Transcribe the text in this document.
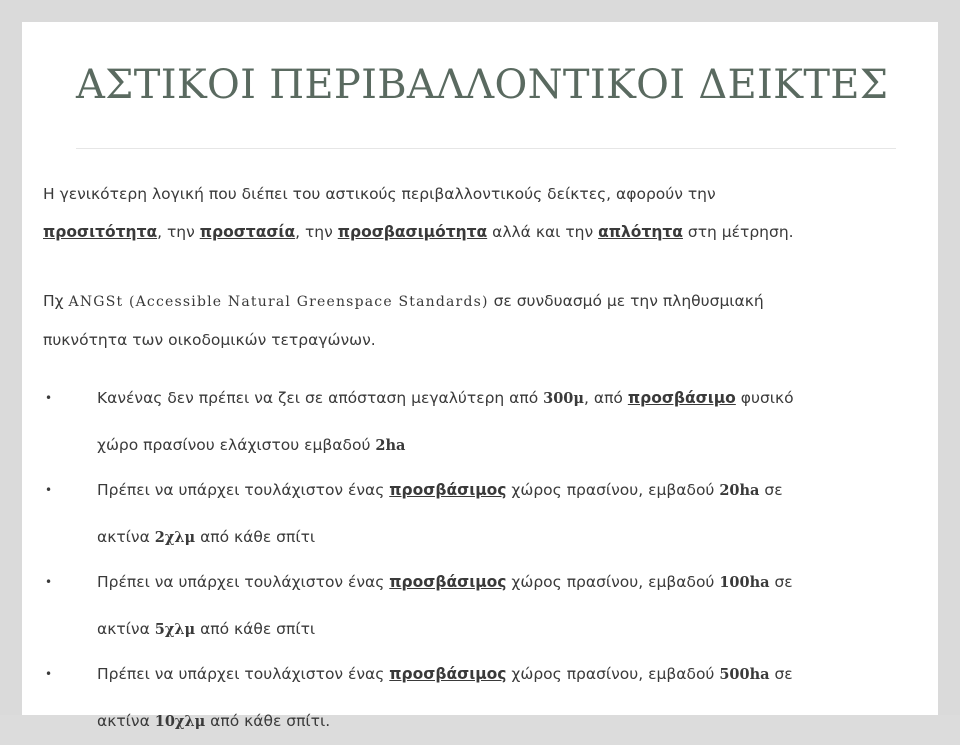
ΑΣΤΙΚΟΙ ΠΕΡΙΒΑΛΛΟΝΤΙΚΟΙ ΔΕΙΚΤΕΣ
Η γενικότερη λογική που διέπει του αστικούς περιβαλλοντικούς δείκτες, αφορούν την
προσιτότητα, την προστασία, την προσβασιμότητα αλλά και την απλότητα στη μέτρηση.
Πχ ANGSt (Accessible Natural Greenspace Standards) σε συνδυασμό με την πληθυσμιακή
πυκνότητα των οικοδομικών τετραγώνων.
•	Κανένας δεν πρέπει να ζει σε απόσταση μεγαλύτερη από 300μ, από προσβάσιμο φυσικό
χώρο πρασίνου ελάχιστου εμβαδού 2ha
•	Πρέπει να υπάρχει τουλάχιστον ένας προσβάσιμος χώρος πρασίνου, εμβαδού 20ha σε
ακτίνα 2χλμ από κάθε σπίτι
•	Πρέπει να υπάρχει τουλάχιστον ένας προσβάσιμος χώρος πρασίνου, εμβαδού 100ha σε
ακτίνα 5χλμ από κάθε σπίτι
•	Πρέπει να υπάρχει τουλάχιστον ένας προσβάσιμος χώρος πρασίνου, εμβαδού 500ha σε
ακτίνα 10χλμ από κάθε σπίτι.
